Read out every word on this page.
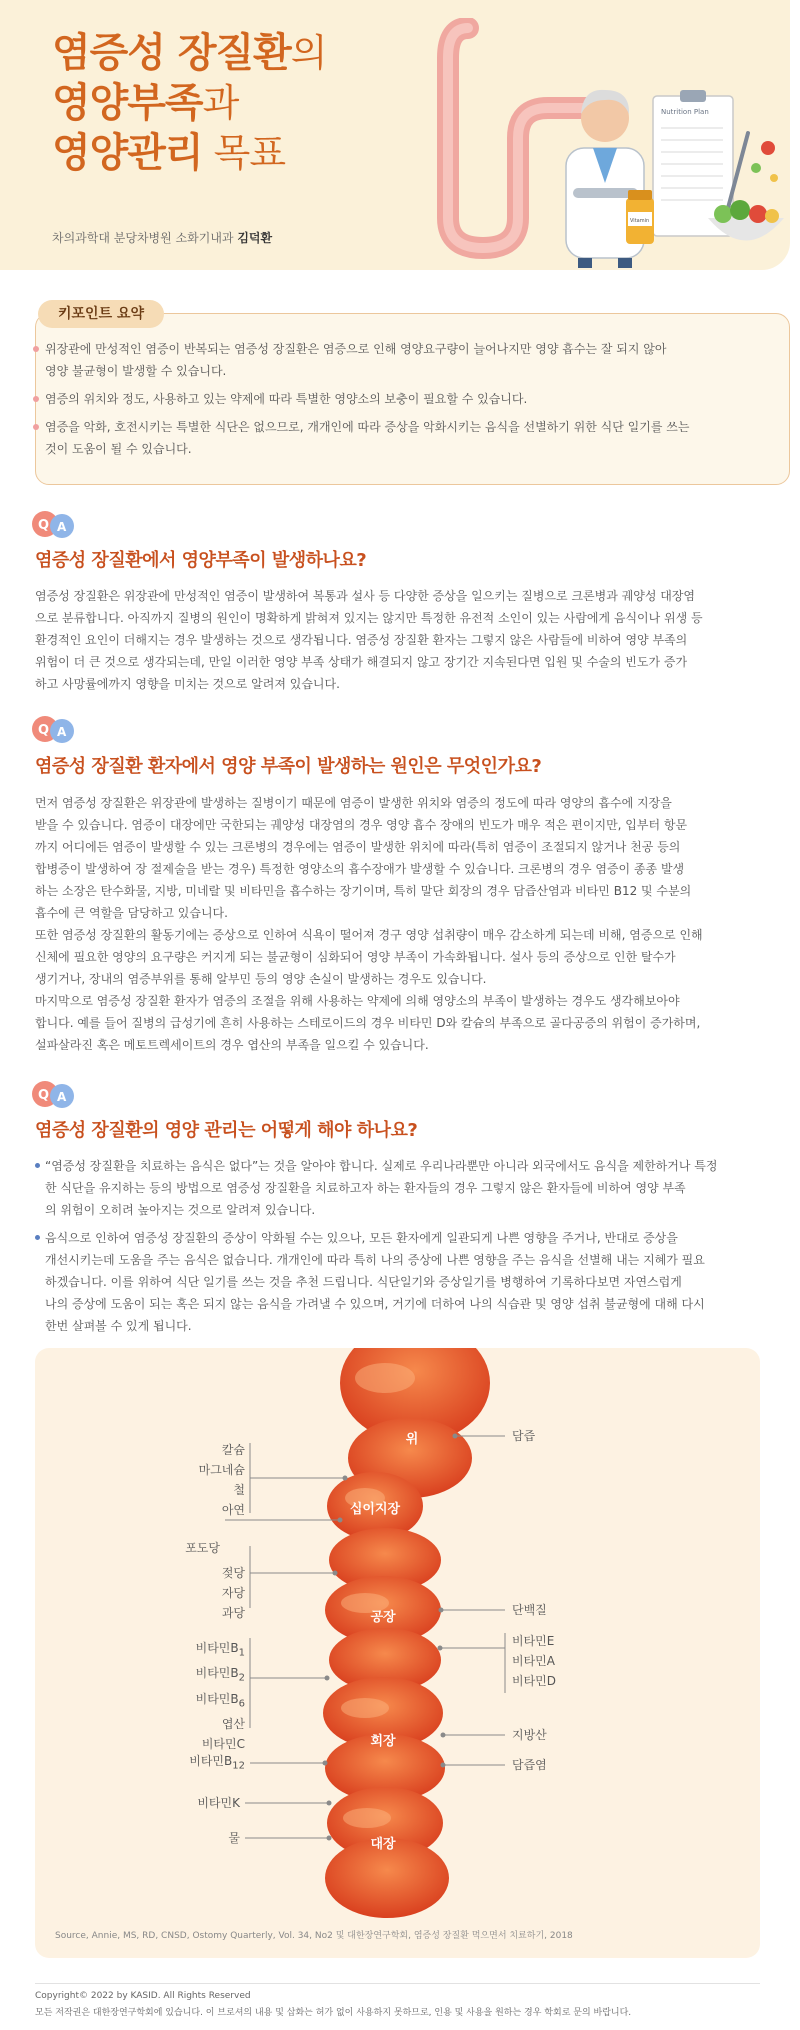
염증성 장질환의
영양부족과
영양관리 목표
차의과학대 분당차병원 소화기내과 김덕환
Nutrition Plan
Vitamin
키포인트 요약
위장관에 만성적인 염증이 반복되는 염증성 장질환은 염증으로 인해 영양요구량이 늘어나지만 영양 흡수는 잘 되지 않아
영양 불균형이 발생할 수 있습니다.
염증의 위치와 정도, 사용하고 있는 약제에 따라 특별한 영양소의 보충이 필요할 수 있습니다.
염증을 악화, 호전시키는 특별한 식단은 없으므로, 개개인에 따라 증상을 악화시키는 음식을 선별하기 위한 식단 일기를 쓰는
것이 도움이 될 수 있습니다.
Q A
염증성 장질환에서 영양부족이 발생하나요?

염증성 장질환은 위장관에 만성적인 염증이 발생하여 복통과 설사 등 다양한 증상을 일으키는 질병으로 크론병과 궤양성 대장염
으로 분류합니다. 아직까지 질병의 원인이 명확하게 밝혀져 있지는 않지만 특정한 유전적 소인이 있는 사람에게 음식이나 위생 등
환경적인 요인이 더해지는 경우 발생하는 것으로 생각됩니다. 염증성 장질환 환자는 그렇지 않은 사람들에 비하여 영양 부족의
위험이 더 큰 것으로 생각되는데, 만일 이러한 영양 부족 상태가 해결되지 않고 장기간 지속된다면 입원 및 수술의 빈도가 증가
하고 사망률에까지 영향을 미치는 것으로 알려져 있습니다.

Q A
염증성 장질환 환자에서 영양 부족이 발생하는 원인은 무엇인가요?

먼저 염증성 장질환은 위장관에 발생하는 질병이기 때문에 염증이 발생한 위치와 염증의 정도에 따라 영양의 흡수에 지장을
받을 수 있습니다. 염증이 대장에만 국한되는 궤양성 대장염의 경우 영양 흡수 장애의 빈도가 매우 적은 편이지만, 입부터 항문
까지 어디에든 염증이 발생할 수 있는 크론병의 경우에는 염증이 발생한 위치에 따라(특히 염증이 조절되지 않거나 천공 등의
합병증이 발생하여 장 절제술을 받는 경우) 특정한 영양소의 흡수장애가 발생할 수 있습니다. 크론병의 경우 염증이 종종 발생
하는 소장은 탄수화물, 지방, 미네랄 및 비타민을 흡수하는 장기이며, 특히 말단 회장의 경우 담즙산염과 비타민 B12 및 수분의
흡수에 큰 역할을 담당하고 있습니다.
또한 염증성 장질환의 활동기에는 증상으로 인하여 식욕이 떨어져 경구 영양 섭취량이 매우 감소하게 되는데 비해, 염증으로 인해
신체에 필요한 영양의 요구량은 커지게 되는 불균형이 심화되어 영양 부족이 가속화됩니다. 설사 등의 증상으로 인한 탈수가
생기거나, 장내의 염증부위를 통해 알부민 등의 영양 손실이 발생하는 경우도 있습니다.
마지막으로 염증성 장질환 환자가 염증의 조절을 위해 사용하는 약제에 의해 영양소의 부족이 발생하는 경우도 생각해보아야
합니다. 예를 들어 질병의 급성기에 흔히 사용하는 스테로이드의 경우 비타민 D와 칼슘의 부족으로 골다공증의 위험이 증가하며,
설파살라진 혹은 메토트렉세이트의 경우 엽산의 부족을 일으킬 수 있습니다.

Q A
염증성 장질환의 영양 관리는 어떻게 해야 하나요?
“염증성 장질환을 치료하는 음식은 없다”는 것을 알아야 합니다. 실제로 우리나라뿐만 아니라 외국에서도 음식을 제한하거나 특정
한 식단을 유지하는 등의 방법으로 염증성 장질환을 치료하고자 하는 환자들의 경우 그렇지 않은 환자들에 비하여 영양 부족
의 위험이 오히려 높아지는 것으로 알려져 있습니다.
음식으로 인하여 염증성 장질환의 증상이 악화될 수는 있으나, 모든 환자에게 일관되게 나쁜 영향을 주거나, 반대로 증상을
개선시키는데 도움을 주는 음식은 없습니다. 개개인에 따라 특히 나의 증상에 나쁜 영향을 주는 음식을 선별해 내는 지혜가 필요
하겠습니다. 이를 위하여 식단 일기를 쓰는 것을 추천 드립니다. 식단일기와 증상일기를 병행하여 기록하다보면 자연스럽게
나의 증상에 도움이 되는 혹은 되지 않는 음식을 가려낼 수 있으며, 거기에 더하여 나의 식습관 및 영양 섭취 불균형에 대해 다시
한번 살펴볼 수 있게 됩니다.
위
십이지장
공장
회장
대장
칼슘
마그네슘
철
아연
포도당
젖당
자당
과당
비타민$B_1$
비타민$B_2$
비타민$B_6$
엽산
비타민C
비타민$B_{12}$
비타민K
물
담즙
단백질
비타민E
비타민A
비타민D
지방산
담즙염
Source, Annie, MS, RD, CNSD, Ostomy Quarterly, Vol. 34, No2 및 대한장연구학회, 염증성 장질환 먹으면서 치료하기, 2018
Copyright© 2022 by KASID. All Rights Reserved
모든 저작권은 대한장연구학회에 있습니다. 이 브로셔의 내용 및 삽화는 허가 없이 사용하지 못하므로, 인용 및 사용을 원하는 경우 학회로 문의 바랍니다.
